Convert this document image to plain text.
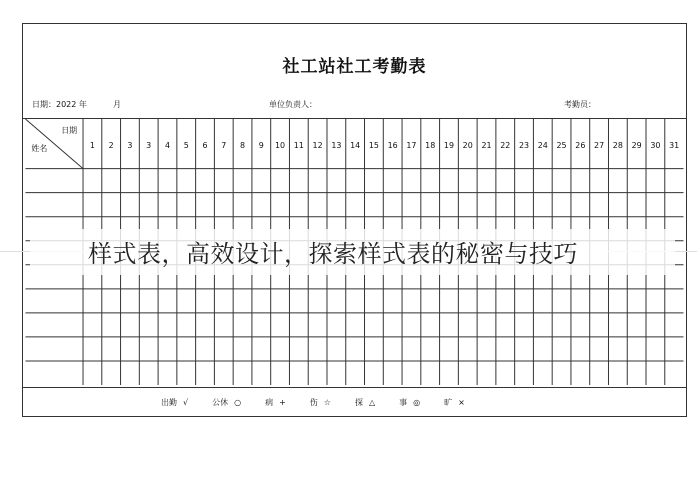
社工站社工考勤表
日期：2022 年	月	单位负责人：	考勤员：
日期
姓名	1 2 3 3 4 5 6 7 8 9 10 11 12 13 14 15 16 17 18 19 20 21 22 23 24 25 26 27 28 29 30 31
出勤 √	公休 ○	病 +	伤 ☆	探 △	事 ◎	旷 ×
样式表，高效设计，探索样式表的秘密与技巧
